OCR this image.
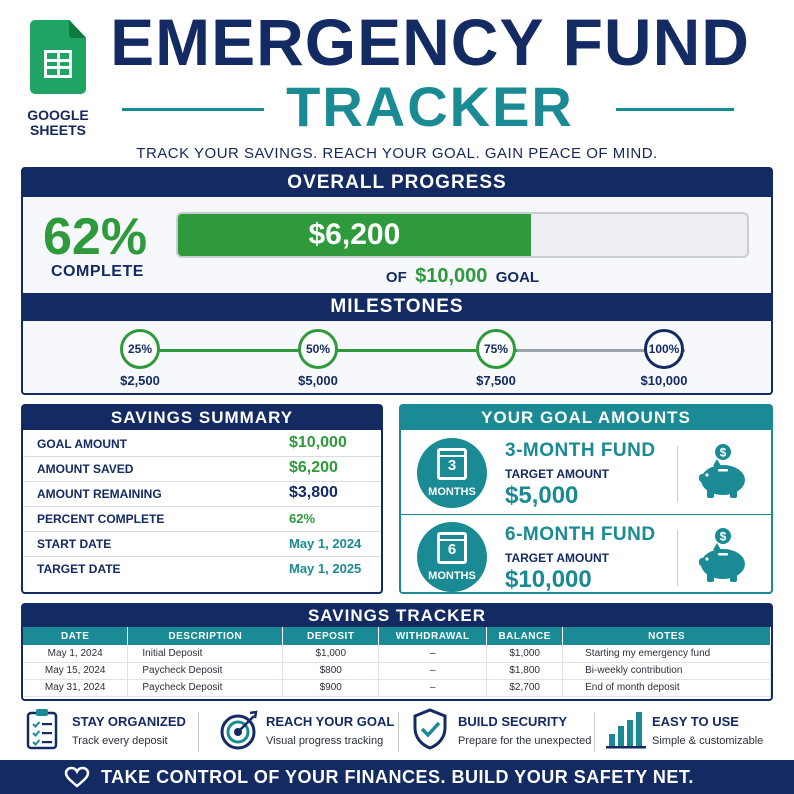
GOOGLE
SHEETS
EMERGENCY FUND
TRACKER
TRACK YOUR SAVINGS. REACH YOUR GOAL. GAIN PEACE OF MIND.
OVERALL PROGRESS
62%
COMPLETE
$6,200
OF $10,000 GOAL
MILESTONES
25%
$2,500
50%
$5,000
75%
$7,500
100%
$10,000
SAVINGS SUMMARY
GOAL AMOUNT	$10,000
AMOUNT SAVED	$6,200
AMOUNT REMAINING	$3,800
PERCENT COMPLETE	62%
START DATE	May 1, 2024
TARGET DATE	May 1, 2025
YOUR GOAL AMOUNTS
3
MONTHS
3-MONTH FUND
TARGET AMOUNT
$5,000
$
6
MONTHS
6-MONTH FUND
TARGET AMOUNT
$10,000
$
SAVINGS TRACKER
DATE	DESCRIPTION	DEPOSIT	WITHDRAWAL	BALANCE	NOTES
May 1, 2024	Initial Deposit	$1,000	–	$1,000	Starting my emergency fund
May 15, 2024	Paycheck Deposit	$800	–	$1,800	Bi-weekly contribution
May 31, 2024	Paycheck Deposit	$900	–	$2,700	End of month deposit
STAY ORGANIZED
Track every deposit
REACH YOUR GOAL
Visual progress tracking
BUILD SECURITY
Prepare for the unexpected
EASY TO USE
Simple & customizable
TAKE CONTROL OF YOUR FINANCES. BUILD YOUR SAFETY NET.
